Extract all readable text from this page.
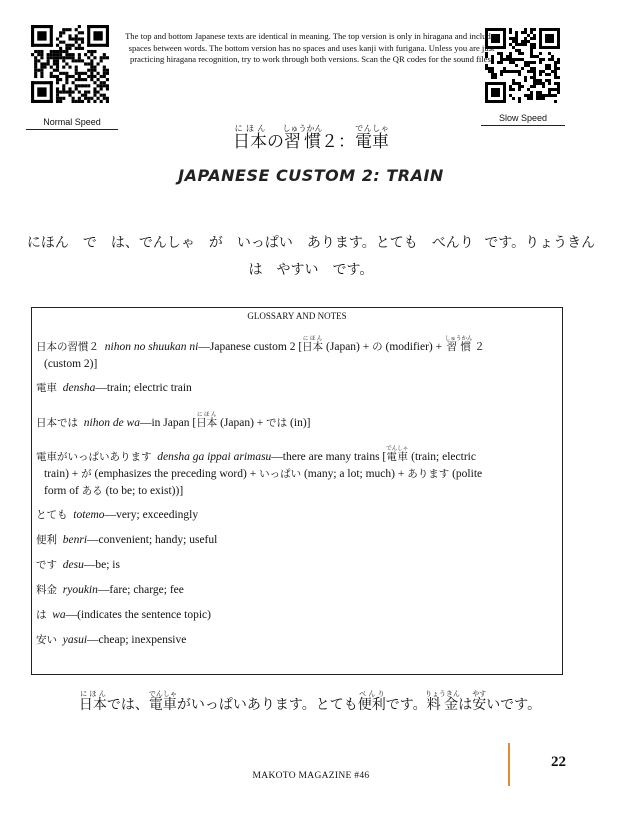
Normal Speed	Slow Speed
The top and bottom Japanese texts are identical in meaning. The top version is only in hiragana and includes spaces between words. The bottom version has no spaces and uses kanji with furigana. Unless you are just practicing hiragana recognition, try to work through both versions. Scan the QR codes for the sound files.
日本にほんの習慣しゅうかん２：電車でんしゃ
JAPANESE CUSTOM 2: TRAIN
にほん　で　は、でんしゃ　が　いっぱい　あります。とても　べんり です。りょうきん　は　やすい　です。
GLOSSARY AND NOTES
日本の習慣２ nihon no shuukan ni—Japanese custom 2 [日本にほん (Japan) + の (modifier) + 習慣しゅうかん ２
(custom 2)]
電車 densha—train; electric train
日本では nihon de wa—in Japan [日本にほん (Japan) + では (in)]
電車がいっぱいあります densha ga ippai arimasu—there are many trains [電車でんしゃ (train; electric
train) + が (emphasizes the preceding word) + いっぱい (many; a lot; much) + あります (polite
form of ある (to be; to exist))]
とても totemo—very; exceedingly
便利 benri—convenient; handy; useful
です desu—be; is
料金 ryoukin—fare; charge; fee
は wa—(indicates the sentence topic)
安い yasui—cheap; inexpensive
日本にほんでは、電車でんしゃがいっぱいあります。とても便利べんりです。料金りょうきんは安やすいです。
MAKOTO MAGAZINE #46
22
